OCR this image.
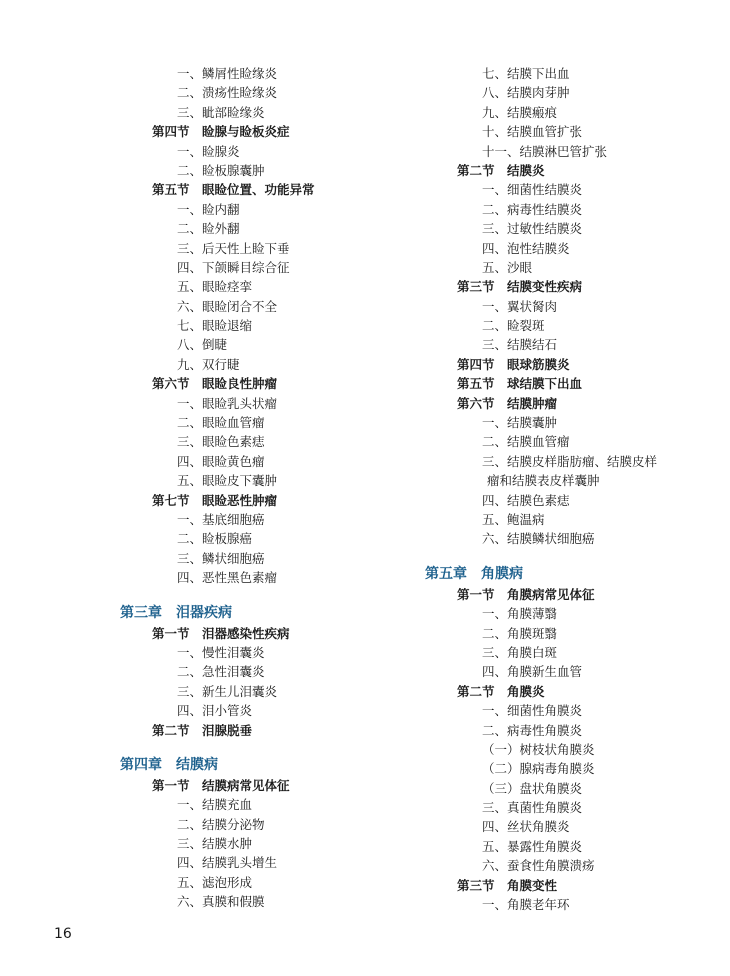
一、鳞屑性睑缘炎
二、溃疡性睑缘炎
三、眦部睑缘炎
第四节　睑腺与睑板炎症
一、睑腺炎
二、睑板腺囊肿
第五节　眼睑位置、功能异常
一、睑内翻
二、睑外翻
三、后天性上睑下垂
四、下颌瞬目综合征
五、眼睑痉挛
六、眼睑闭合不全
七、眼睑退缩
八、倒睫
九、双行睫
第六节　眼睑良性肿瘤
一、眼睑乳头状瘤
二、眼睑血管瘤
三、眼睑色素痣
四、眼睑黄色瘤
五、眼睑皮下囊肿
第七节　眼睑恶性肿瘤
一、基底细胞癌
二、睑板腺癌
三、鳞状细胞癌
四、恶性黑色素瘤
第三章　泪器疾病
第一节　泪器感染性疾病
一、慢性泪囊炎
二、急性泪囊炎
三、新生儿泪囊炎
四、泪小管炎
第二节　泪腺脱垂
第四章　结膜病
第一节　结膜病常见体征
一、结膜充血
二、结膜分泌物
三、结膜水肿
四、结膜乳头增生
五、滤泡形成
六、真膜和假膜
七、结膜下出血
八、结膜肉芽肿
九、结膜瘢痕
十、结膜血管扩张
十一、结膜淋巴管扩张
第二节　结膜炎
一、细菌性结膜炎
二、病毒性结膜炎
三、过敏性结膜炎
四、泡性结膜炎
五、沙眼
第三节　结膜变性疾病
一、翼状胬肉
二、睑裂斑
三、结膜结石
第四节　眼球筋膜炎
第五节　球结膜下出血
第六节　结膜肿瘤
一、结膜囊肿
二、结膜血管瘤
三、结膜皮样脂肪瘤、结膜皮样
瘤和结膜表皮样囊肿
四、结膜色素痣
五、鲍温病
六、结膜鳞状细胞癌
第五章　角膜病
第一节　角膜病常见体征
一、角膜薄翳
二、角膜斑翳
三、角膜白斑
四、角膜新生血管
第二节　角膜炎
一、细菌性角膜炎
二、病毒性角膜炎
（一）树枝状角膜炎
（二）腺病毒角膜炎
（三）盘状角膜炎
三、真菌性角膜炎
四、丝状角膜炎
五、暴露性角膜炎
六、蚕食性角膜溃疡
第三节　角膜变性
一、角膜老年环
16
